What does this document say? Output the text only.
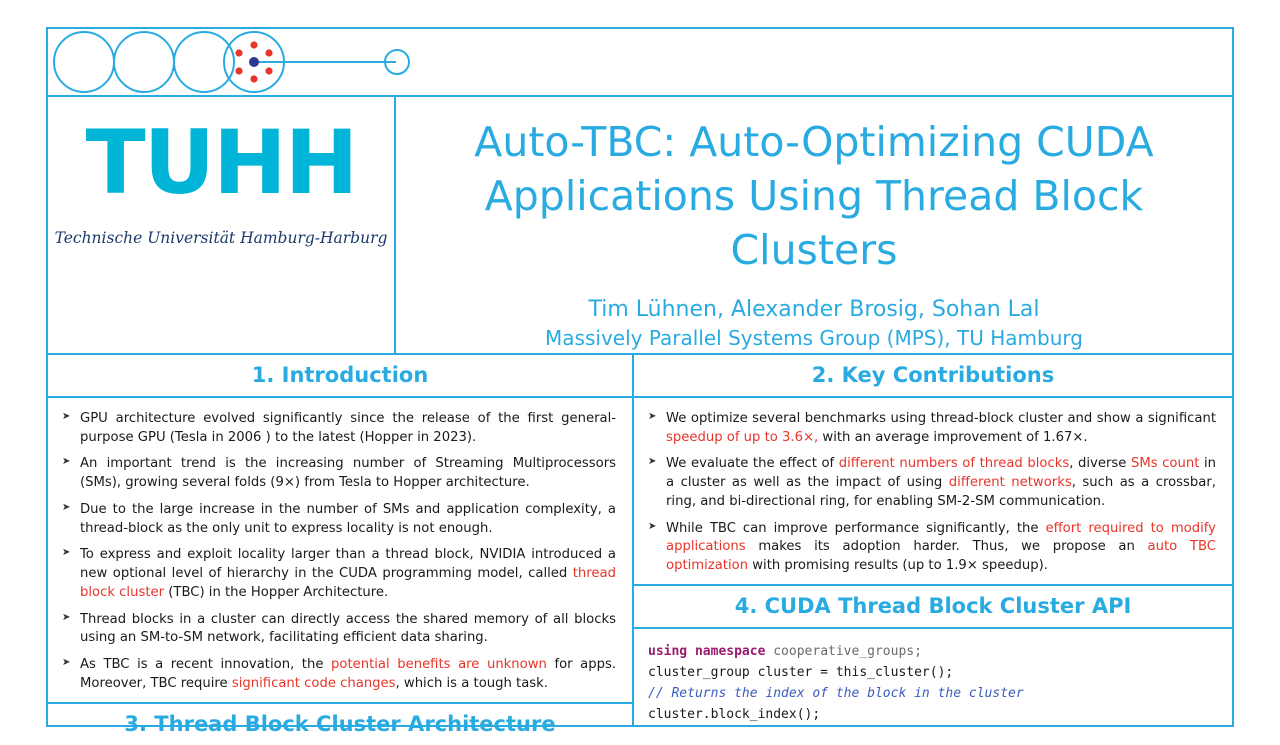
TUHH
Technische Universität Hamburg-Harburg
Auto-TBC: Auto-Optimizing CUDA Applications Using Thread Block Clusters
Tim Lühnen, Alexander Brosig, Sohan Lal
Massively Parallel Systems Group (MPS), TU Hamburg
1. Introduction
➤ GPU architecture evolved significantly since the release of the first general-purpose GPU (Tesla in 2006 ) to the latest (Hopper in 2023).
➤ An important trend is the increasing number of Streaming Multiprocessors (SMs), growing several folds (9×) from Tesla to Hopper architecture.
➤ Due to the large increase in the number of SMs and application complexity, a thread-block as the only unit to express locality is not enough.
➤ To express and exploit locality larger than a thread block, NVIDIA introduced a new optional level of hierarchy in the CUDA programming model, called thread block cluster (TBC) in the Hopper Architecture.
➤ Thread blocks in a cluster can directly access the shared memory of all blocks using an SM-to-SM network, facilitating efficient data sharing.
➤ As TBC is a recent innovation, the potential benefits are unknown for apps. Moreover, TBC require significant code changes, which is a tough task.
3. Thread Block Cluster Architecture
2. Key Contributions
➤ We optimize several benchmarks using thread-block cluster and show a significant speedup of up to 3.6×, with an average improvement of 1.67×.
➤ We evaluate the effect of different numbers of thread blocks, diverse SMs count in a cluster as well as the impact of using different networks, such as a crossbar, ring, and bi-directional ring, for enabling SM-2-SM communication.
➤ While TBC can improve performance significantly, the effort required to modify applications makes its adoption harder. Thus, we propose an auto TBC optimization with promising results (up to 1.9× speedup).
4. CUDA Thread Block Cluster API
using namespace cooperative_groups;
cluster_group cluster = this_cluster();
// Returns the index of the block in the cluster
cluster.block_index();
